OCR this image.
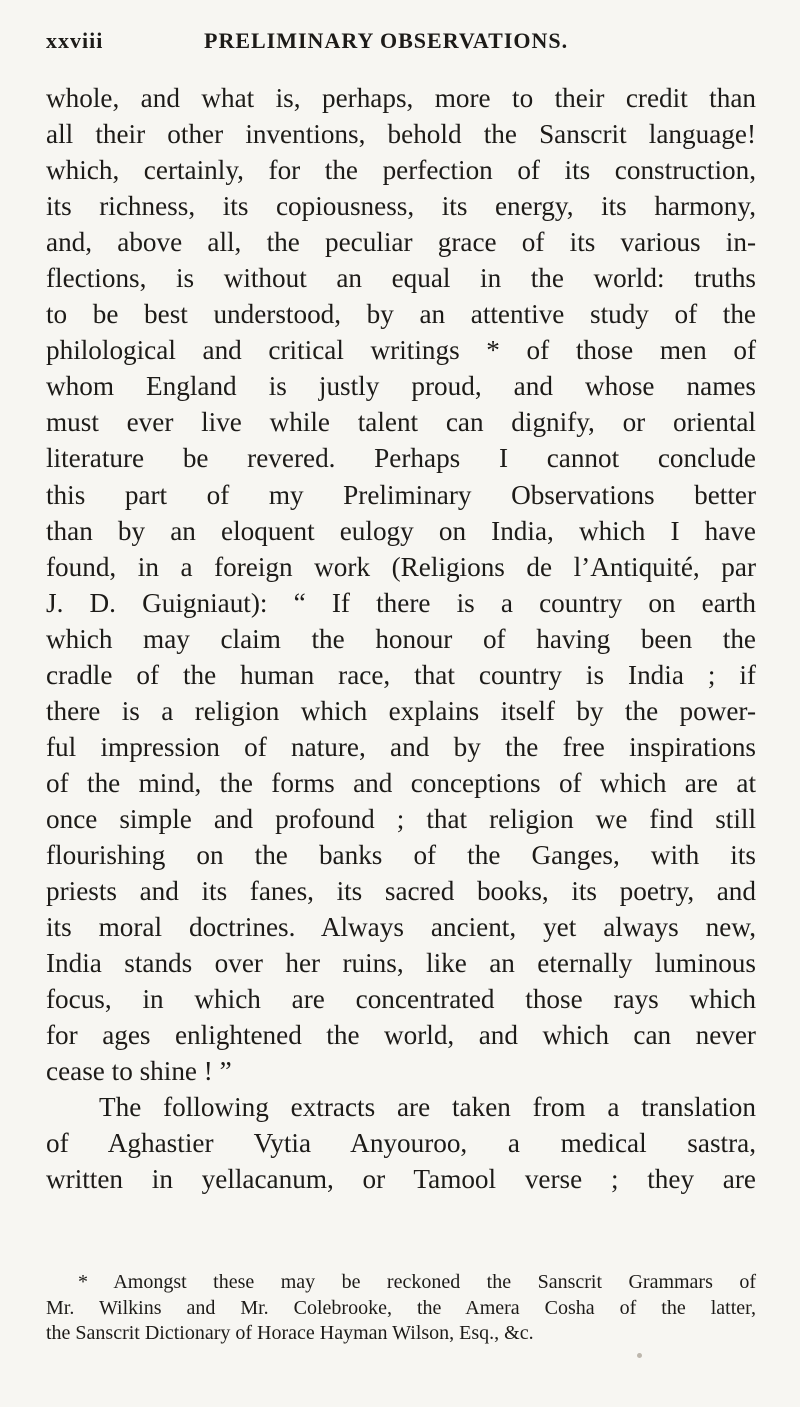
xxviii	PRELIMINARY OBSERVATIONS.
whole, and what is, perhaps, more to their credit than
all their other inventions, behold the Sanscrit language!
which, certainly, for the perfection of its construction,
its richness, its copiousness, its energy, its harmony,
and, above all, the peculiar grace of its various in-
flections, is without an equal in the world: truths
to be best understood, by an attentive study of the
philological and critical writings * of those men of
whom England is justly proud, and whose names
must ever live while talent can dignify, or oriental
literature be revered. Perhaps I cannot conclude
this part of my Preliminary Observations better
than by an eloquent eulogy on India, which I have
found, in a foreign work (Religions de l’Antiquité, par
J. D. Guigniaut): “ If there is a country on earth
which may claim the honour of having been the
cradle of the human race, that country is India ; if
there is a religion which explains itself by the power-
ful impression of nature, and by the free inspirations
of the mind, the forms and conceptions of which are at
once simple and profound ; that religion we find still
flourishing on the banks of the Ganges, with its
priests and its fanes, its sacred books, its poetry, and
its moral doctrines. Always ancient, yet always new,
India stands over her ruins, like an eternally luminous
focus, in which are concentrated those rays which
for ages enlightened the world, and which can never
cease to shine ! ”
The following extracts are taken from a translation
of Aghastier Vytia Anyouroo, a medical sastra,
written in yellacanum, or Tamool verse ; they are
* Amongst these may be reckoned the Sanscrit Grammars of
Mr. Wilkins and Mr. Colebrooke, the Amera Cosha of the latter,
the Sanscrit Dictionary of Horace Hayman Wilson, Esq., &c.
